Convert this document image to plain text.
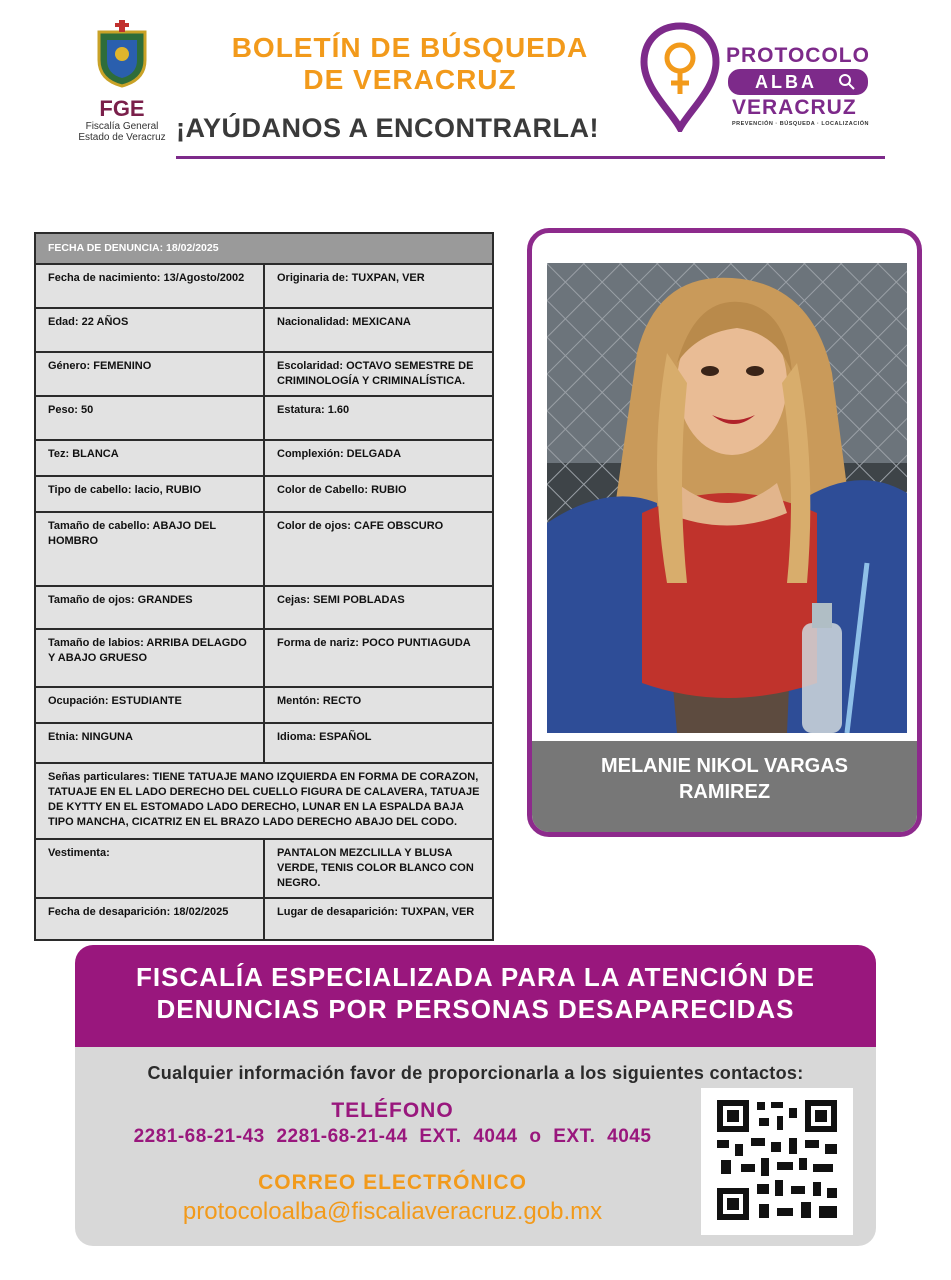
FGE
Fiscalía General
Estado de Veracruz
BOLETÍN DE BÚSQUEDA
DE VERACRUZ
¡AYÚDANOS A ENCONTRARLA!
PROTOCOLO
ALBA
VERACRUZ
PREVENCIÓN · BÚSQUEDA · LOCALIZACIÓN
FECHA DE DENUNCIA: 18/02/2025	
Fecha de nacimiento: 13/Agosto/2002	Originaria de: TUXPAN, VER
Edad: 22 AÑOS	Nacionalidad: MEXICANA
Género: FEMENINO	Escolaridad: OCTAVO SEMESTRE DE CRIMINOLOGÍA Y CRIMINALÍSTICA.
Peso: 50	Estatura: 1.60
Tez: BLANCA	Complexión: DELGADA
Tipo de cabello: lacio, RUBIO	Color de Cabello: RUBIO
Tamaño de cabello: ABAJO DEL HOMBRO	Color de ojos: CAFE OBSCURO
Tamaño de ojos: GRANDES	Cejas: SEMI POBLADAS
Tamaño de labios: ARRIBA DELAGDO Y ABAJO GRUESO	Forma de nariz: POCO PUNTIAGUDA
Ocupación: ESTUDIANTE	Mentón: RECTO
Etnia: NINGUNA	Idioma: ESPAÑOL
Señas particulares: TIENE TATUAJE MANO IZQUIERDA EN FORMA DE CORAZON, TATUAJE EN EL LADO DERECHO DEL CUELLO FIGURA DE CALAVERA, TATUAJE DE KYTTY EN EL ESTOMADO LADO DERECHO, LUNAR EN LA ESPALDA BAJA TIPO MANCHA, CICATRIZ EN EL BRAZO LADO DERECHO ABAJO DEL CODO.	
Vestimenta:	PANTALON MEZCLILLA Y BLUSA VERDE, TENIS COLOR BLANCO CON NEGRO.
Fecha de desaparición: 18/02/2025	Lugar de desaparición: TUXPAN, VER
MELANIE NIKOL VARGAS RAMIREZ
FISCALÍA ESPECIALIZADA PARA LA ATENCIÓN DE
DENUNCIAS POR PERSONAS DESAPARECIDAS
Cualquier información favor de proporcionarla a los siguientes contactos:
TELÉFONO
2281-68-21-43 2281-68-21-44 EXT. 4044 o EXT. 4045
CORREO ELECTRÓNICO
protocoloalba@fiscaliaveracruz.gob.mx
